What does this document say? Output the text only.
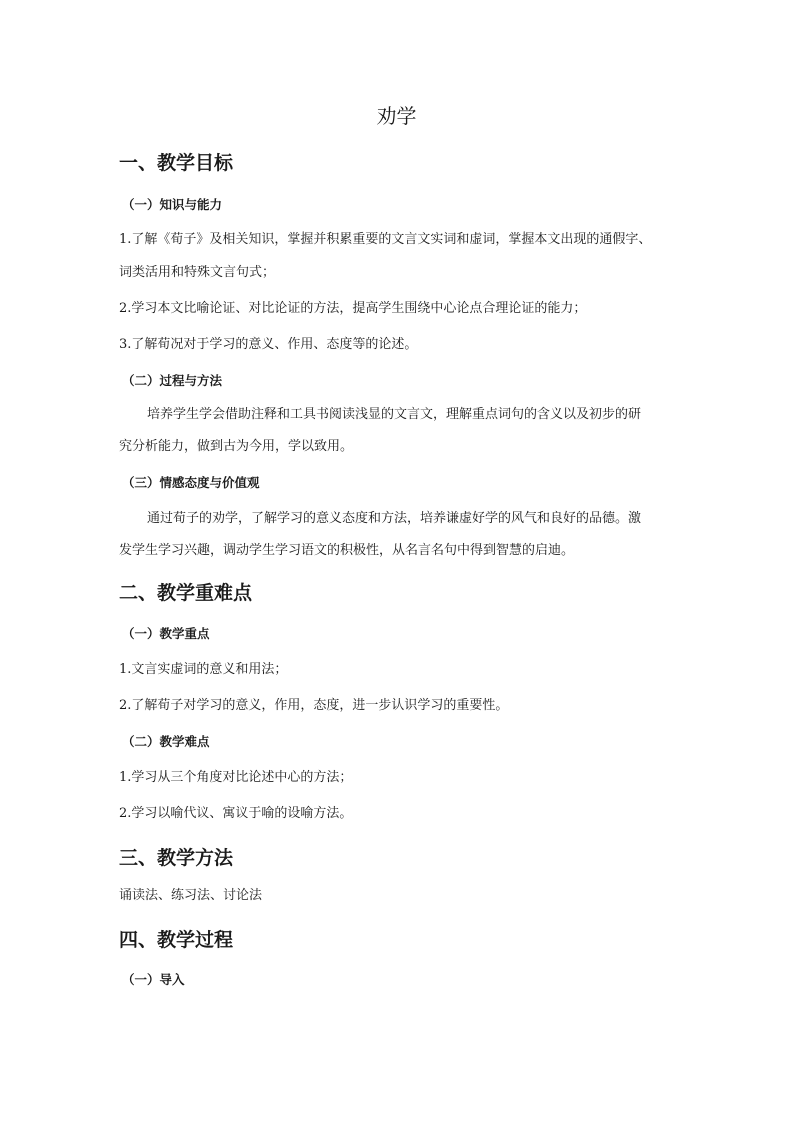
劝学
一、教学目标
（一）知识与能力

1.了解《荀子》及相关知识，掌握并积累重要的文言文实词和虚词，掌握本文出现的通假字、

词类活用和特殊文言句式；

2.学习本文比喻论证、对比论证的方法，提高学生围绕中心论点合理论证的能力；

3.了解荀况对于学习的意义、作用、态度等的论述。

（二）过程与方法

培养学生学会借助注释和工具书阅读浅显的文言文，理解重点词句的含义以及初步的研

究分析能力，做到古为今用，学以致用。

（三）情感态度与价值观

通过荀子的劝学，了解学习的意义态度和方法，培养谦虚好学的风气和良好的品德。激

发学生学习兴趣，调动学生学习语文的积极性，从名言名句中得到智慧的启迪。

二、教学重难点
（一）教学重点

1.文言实虚词的意义和用法；

2.了解荀子对学习的意义，作用，态度，进一步认识学习的重要性。

（二）教学难点

1.学习从三个角度对比论述中心的方法；

2.学习以喻代议、寓议于喻的设喻方法。

三、教学方法

诵读法、练习法、讨论法

四、教学过程
（一）导入
